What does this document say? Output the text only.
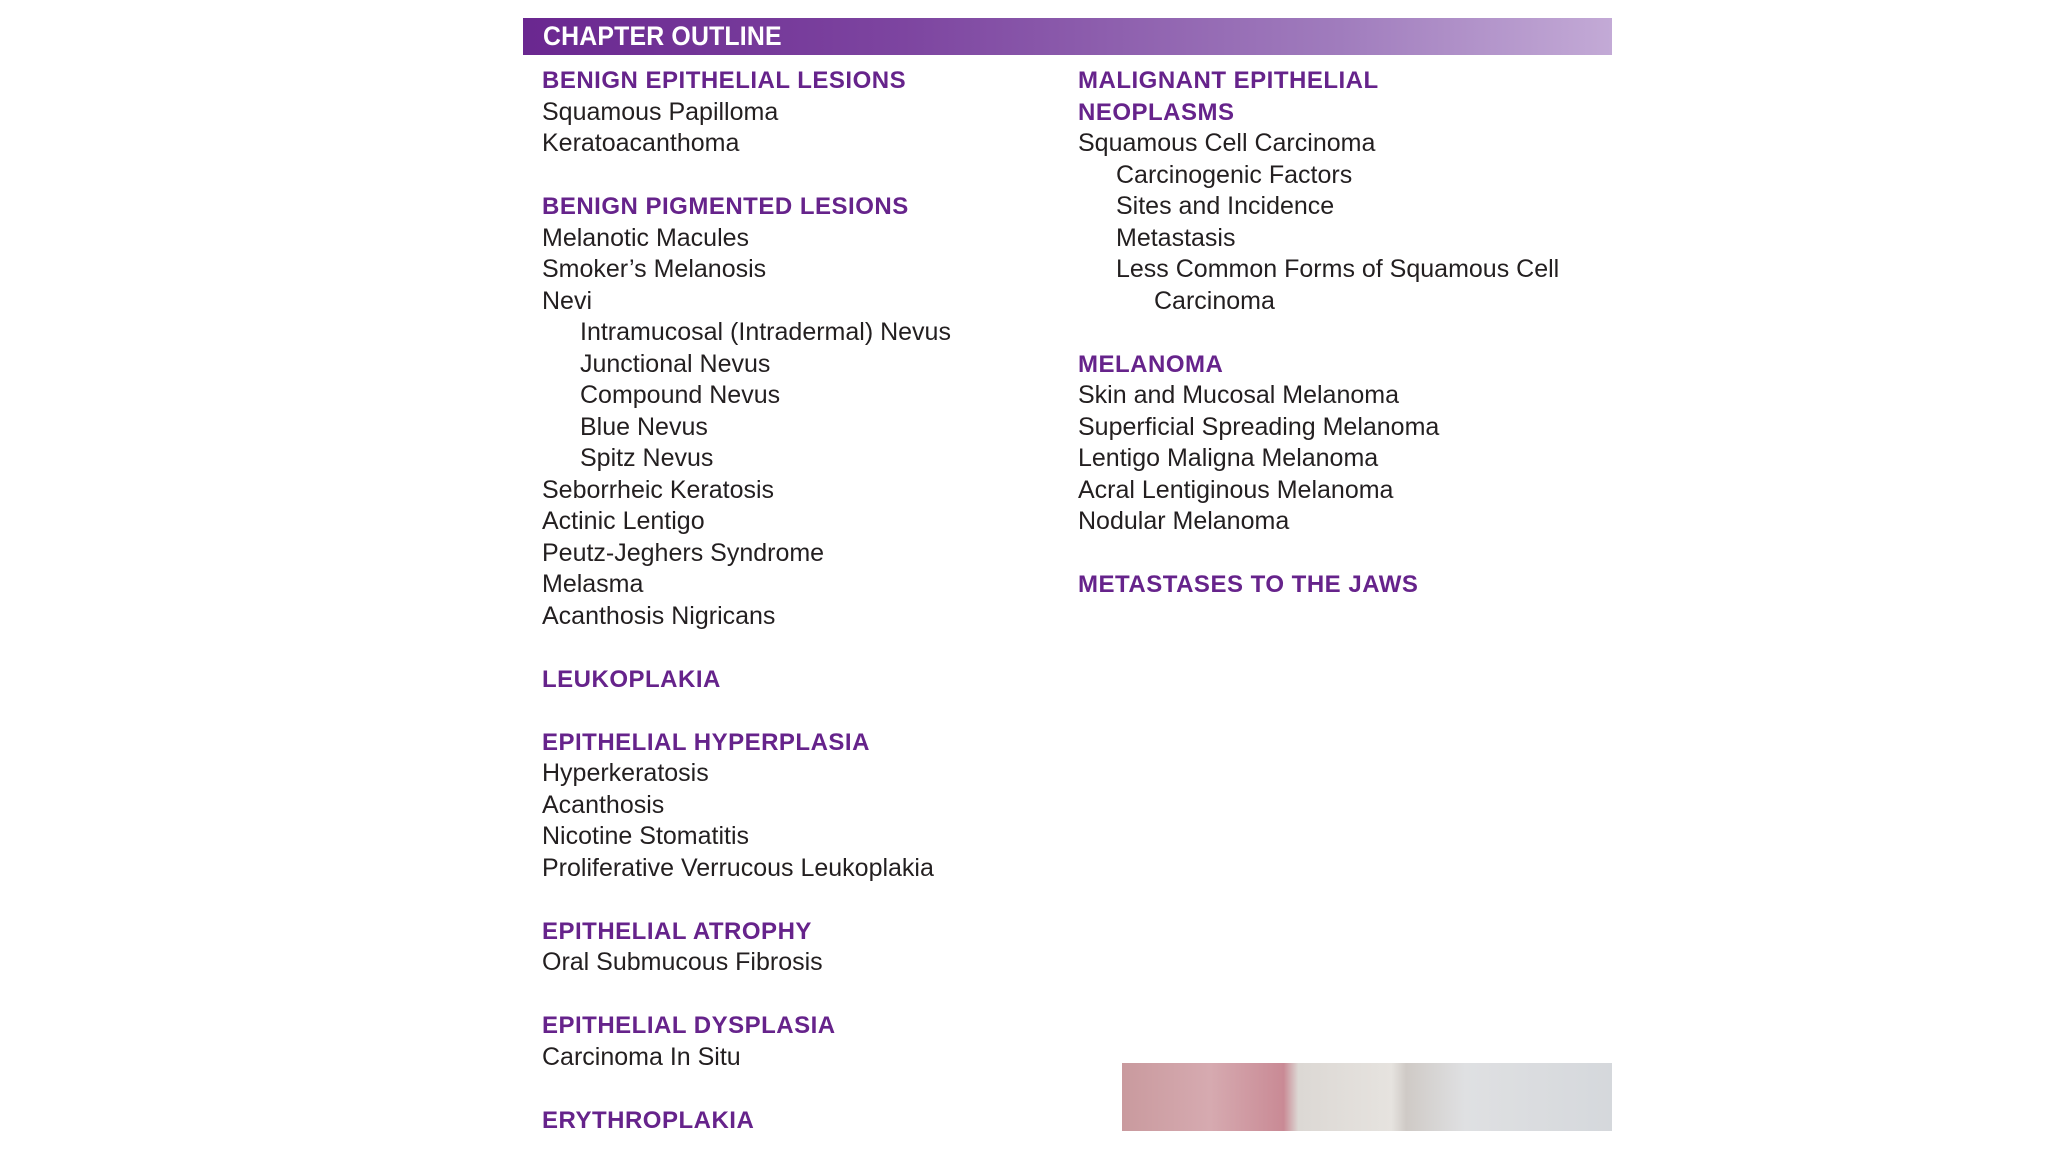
CHAPTER OUTLINE
BENIGN EPITHELIAL LESIONS
Squamous Papilloma
Keratoacanthoma
BENIGN PIGMENTED LESIONS
Melanotic Macules
Smoker’s Melanosis
Nevi
Intramucosal (Intradermal) Nevus
Junctional Nevus
Compound Nevus
Blue Nevus
Spitz Nevus
Seborrheic Keratosis
Actinic Lentigo
Peutz-Jeghers Syndrome
Melasma
Acanthosis Nigricans
LEUKOPLAKIA
EPITHELIAL HYPERPLASIA
Hyperkeratosis
Acanthosis
Nicotine Stomatitis
Proliferative Verrucous Leukoplakia
EPITHELIAL ATROPHY
Oral Submucous Fibrosis
EPITHELIAL DYSPLASIA
Carcinoma In Situ
ERYTHROPLAKIA
MALIGNANT EPITHELIAL
NEOPLASMS
Squamous Cell Carcinoma
Carcinogenic Factors
Sites and Incidence
Metastasis
Less Common Forms of Squamous Cell
Carcinoma
MELANOMA
Skin and Mucosal Melanoma
Superficial Spreading Melanoma
Lentigo Maligna Melanoma
Acral Lentiginous Melanoma
Nodular Melanoma
METASTASES TO THE JAWS
